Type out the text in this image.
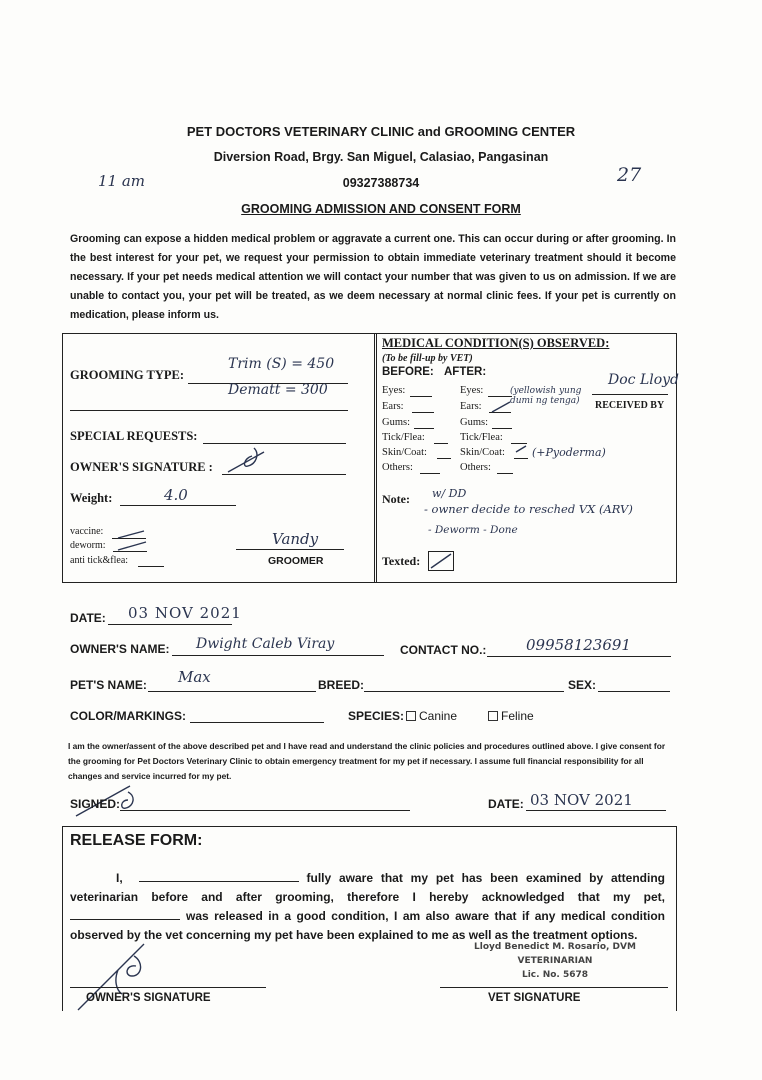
PET DOCTORS VETERINARY CLINIC and GROOMING CENTER
Diversion Road, Brgy. San Miguel, Calasiao, Pangasinan
09327388734
GROOMING ADMISSION AND CONSENT FORM
11 am	27
Grooming can expose a hidden medical problem or aggravate a current one. This can occur during or after grooming. In the best interest for your pet, we request your permission to obtain immediate veterinary treatment should it become necessary. If your pet needs medical attention we will contact your number that was given to us on admission. If we are unable to contact you, your pet will be treated, as we deem necessary at normal clinic fees. If your pet is currently on medication, please inform us.
GROOMING TYPE:
Trim (S) = 450
Dematt = 300
SPECIAL REQUESTS:
OWNER'S SIGNATURE :
Weight:	4.0
vaccine:
deworm:
anti tick&flea:
Vandy
GROOMER
MEDICAL CONDITION(S) OBSERVED:
(To be fill-up by VET)
BEFORE: AFTER:
Eyes:	Eyes:
Ears:	Ears:
Gums:	Gums:
Tick/Flea:	Tick/Flea:
Skin/Coat:	Skin/Coat:
Others:	Others:
(yellowish yung dumi ng tenga)
(+Pyoderma)
Doc Lloyd
RECEIVED BY
Note: w/ DD
- owner decide to resched VX (ARV)
- Deworm - Done
Texted:
DATE: 03 NOV 2021
OWNER'S NAME: Dwight Caleb Viray	CONTACT NO.:	09958123691
PET'S NAME: Max	BREED:	SEX:
COLOR/MARKINGS:	SPECIES:	Canine	Feline
I am the owner/assent of the above described pet and I have read and understand the clinic policies and procedures outlined above. I give consent for the grooming for Pet Doctors Veterinary Clinic to obtain emergency treatment for my pet if necessary. I assume full financial responsibility for all changes and service incurred for my pet.
SIGNED:	DATE: 03 NOV 2021
RELEASE FORM:
I,	fully aware that my pet has been examined by attending veterinarian before and after grooming, therefore I hereby acknowledged that my pet, was released in a good condition, I am also aware that if any medical condition observed by the vet concerning my pet have been explained to me as well as the treatment options.
OWNER'S SIGNATURE
Lloyd Benedict M. Rosario, DVM
VETERINARIAN
Lic. No. 5678
VET SIGNATURE
